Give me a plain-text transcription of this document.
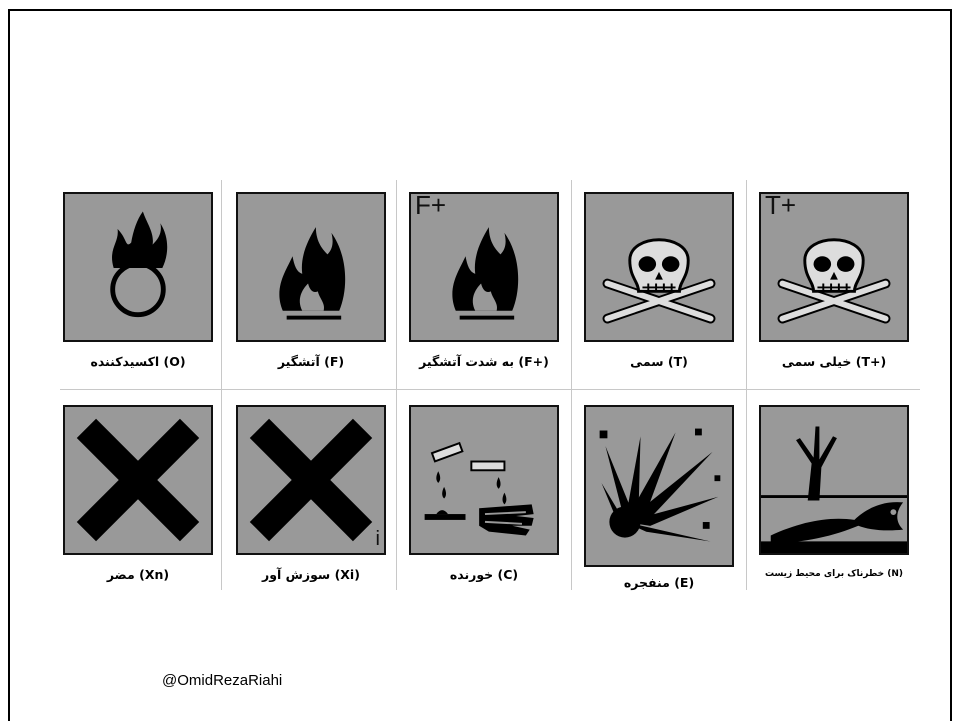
اکسیدکننده (O)	آتشگیر (F)
F+
به شدت آتشگیر (F+)	سمی (T)
T+
خیلی سمی (T+)
مضر (Xn)
i
سوزش آور (Xi)	خورنده (C)
منفجره (E)
خطرناک برای محیط زیست (N)
@OmidRezaRiahi
